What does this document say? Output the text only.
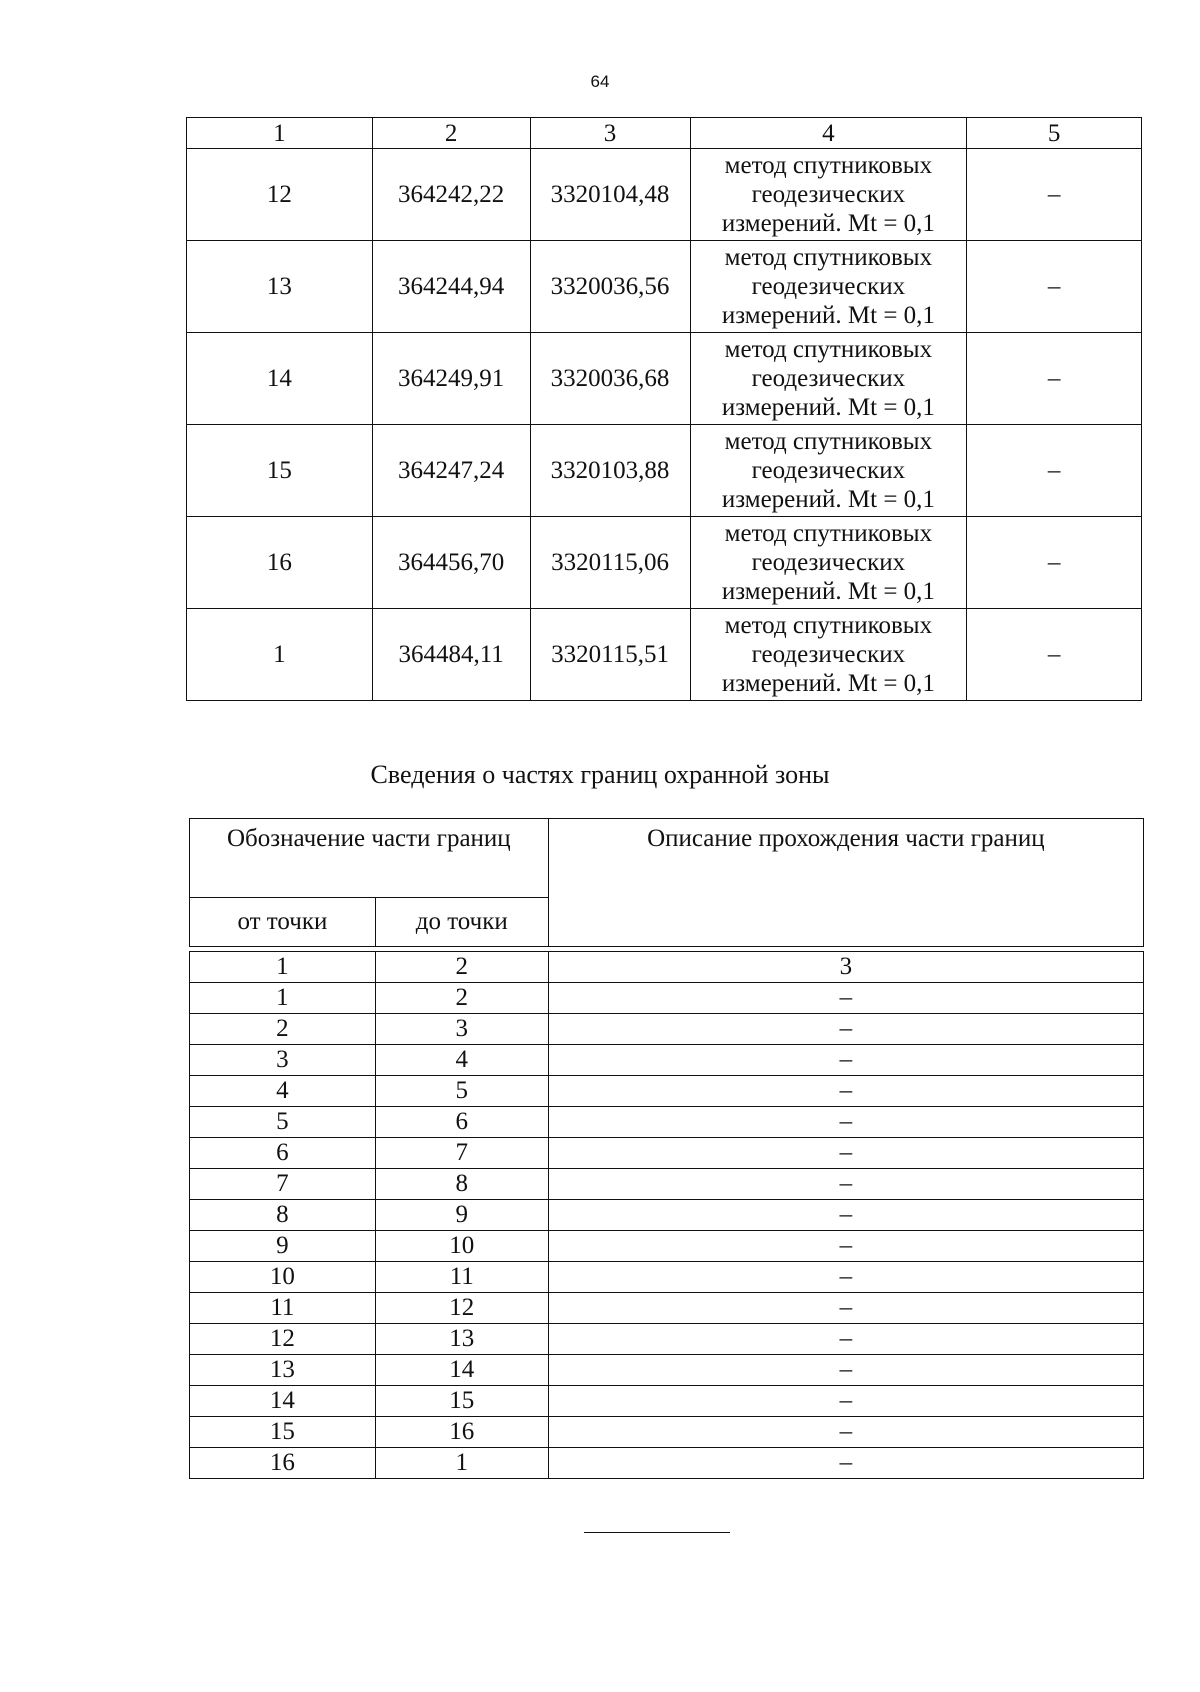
64
1	2	3	4	5
12	364242,22	3320104,48	метод спутниковых
геодезических
измерений. Mt = 0,1	–
13	364244,94	3320036,56	метод спутниковых
геодезических
измерений. Mt = 0,1	–
14	364249,91	3320036,68	метод спутниковых
геодезических
измерений. Mt = 0,1	–
15	364247,24	3320103,88	метод спутниковых
геодезических
измерений. Mt = 0,1	–
16	364456,70	3320115,06	метод спутниковых
геодезических
измерений. Mt = 0,1	–
1	364484,11	3320115,51	метод спутниковых
геодезических
измерений. Mt = 0,1	–
Сведения о частях границ охранной зоны
Обозначение части границ		Описание прохождения части границ
от точки	до точки	

1	2	3
1	2	–
2	3	–
3	4	–
4	5	–
5	6	–
6	7	–
7	8	–
8	9	–
9	10	–
10	11	–
11	12	–
12	13	–
13	14	–
14	15	–
15	16	–
16	1	–
